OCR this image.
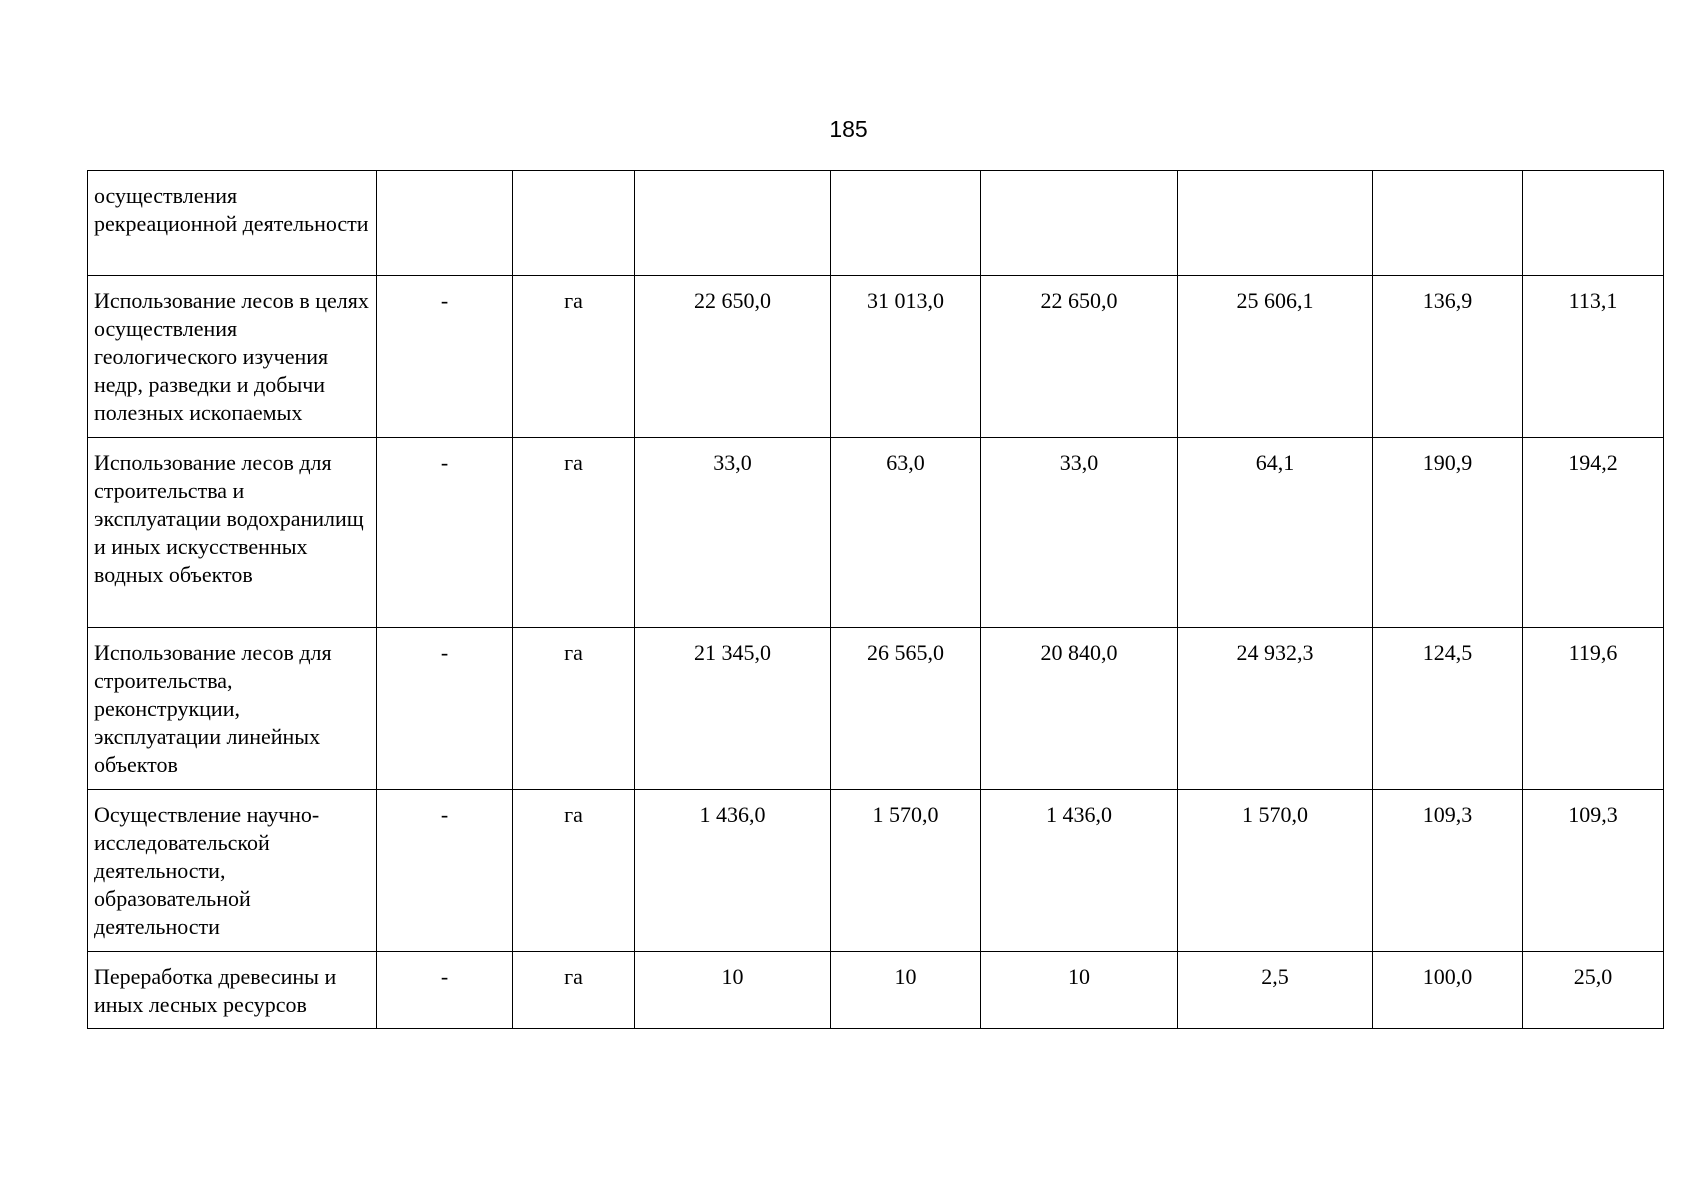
185
осуществления рекреационной деятельности								
Использование лесов в целях осуществления геологического изучения недр, разведки и добычи полезных ископаемых	-	га	22 650,0	31 013,0	22 650,0	25 606,1	136,9	113,1
Использование лесов для строительства и эксплуатации водохранилищ и иных искусственных водных объектов	-	га	33,0	63,0	33,0	64,1	190,9	194,2
Использование лесов для строительства, реконструкции, эксплуатации линейных объектов	-	га	21 345,0	26 565,0	20 840,0	24 932,3	124,5	119,6
Осуществление научно-исследовательской деятельности, образовательной деятельности	-	га	1 436,0	1 570,0	1 436,0	1 570,0	109,3	109,3
Переработка древесины и иных лесных ресурсов	-	га	10	10	10	2,5	100,0	25,0
